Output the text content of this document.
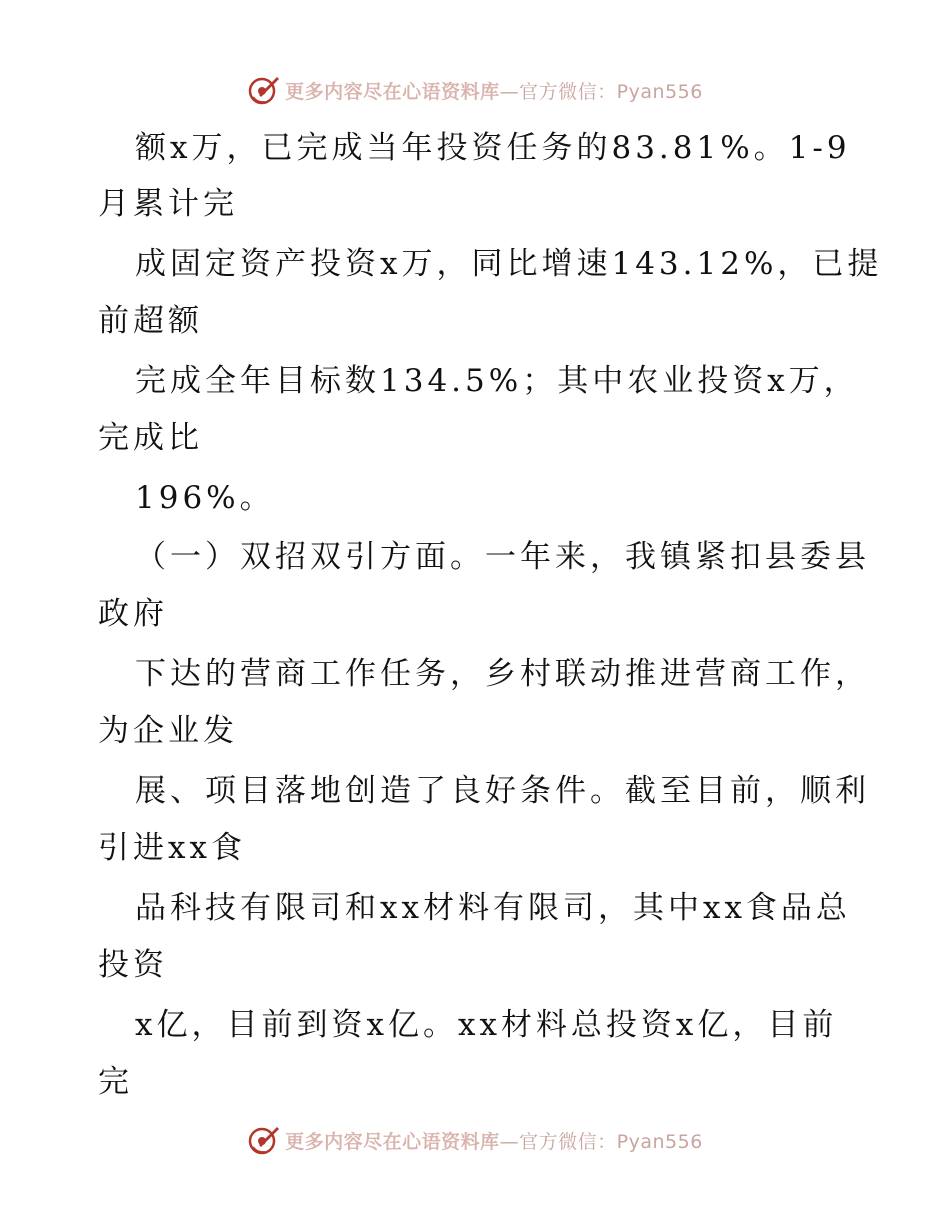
更多内容尽在心语资料库—官方微信：Pyan556
额x万，已完成当年投资任务的83.81%。1-9
月累计完
成固定资产投资x万，同比增速143.12%，已提
前超额
完成全年目标数134.5%；其中农业投资x万，
完成比
196%。
（一）双招双引方面。一年来，我镇紧扣县委县
政府
下达的营商工作任务，乡村联动推进营商工作，
为企业发
展、项目落地创造了良好条件。截至目前，顺利
引进xx食
品科技有限司和xx材料有限司，其中xx食品总
投资
x亿，目前到资x亿。xx材料总投资x亿，目前
完
更多内容尽在心语资料库—官方微信：Pyan556
